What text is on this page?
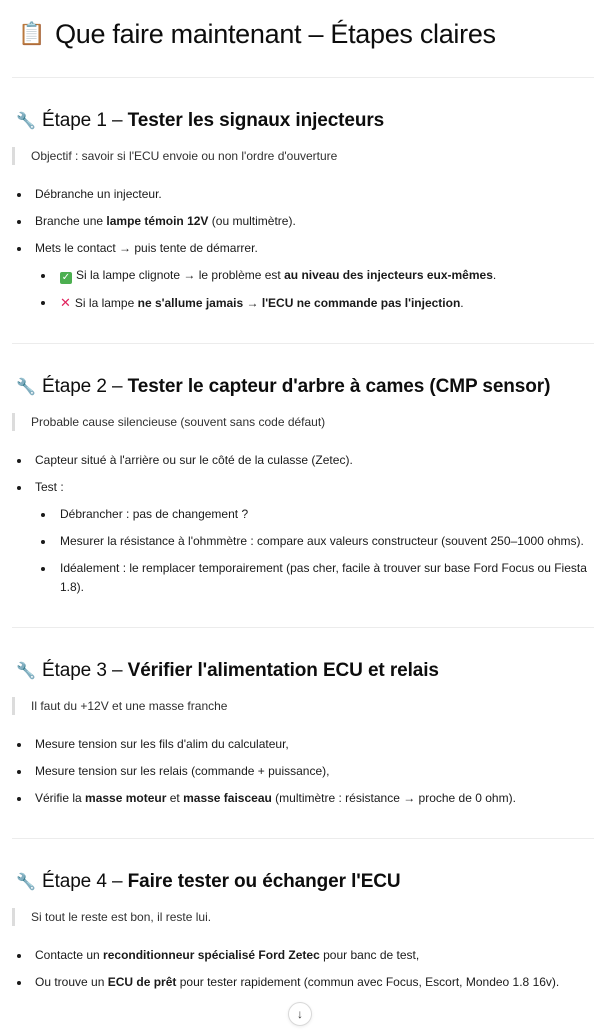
📋 Que faire maintenant – Étapes claires
🔧 Étape 1 – Tester les signaux injecteurs
Objectif : savoir si l'ECU envoie ou non l'ordre d'ouverture
Débranche un injecteur.
Branche une lampe témoin 12V (ou multimètre).
Mets le contact → puis tente de démarrer.
✓ Si la lampe clignote → le problème est au niveau des injecteurs eux-mêmes.
✕ Si la lampe ne s'allume jamais → l'ECU ne commande pas l'injection.
🔧 Étape 2 – Tester le capteur d'arbre à cames (CMP sensor)
Probable cause silencieuse (souvent sans code défaut)
Capteur situé à l'arrière ou sur le côté de la culasse (Zetec).
Test :
Débrancher : pas de changement ?
Mesurer la résistance à l'ohmmètre : compare aux valeurs constructeur (souvent 250–1000 ohms).
Idéalement : le remplacer temporairement (pas cher, facile à trouver sur base Ford Focus ou Fiesta 1.8).
🔧 Étape 3 – Vérifier l'alimentation ECU et relais
Il faut du +12V et une masse franche
Mesure tension sur les fils d'alim du calculateur,
Mesure tension sur les relais (commande + puissance),
Vérifie la masse moteur et masse faisceau (multimètre : résistance → proche de 0 ohm).
🔧 Étape 4 – Faire tester ou échanger l'ECU
Si tout le reste est bon, il reste lui.
Contacte un reconditionneur spécialisé Ford Zetec pour banc de test,
Ou trouve un ECU de prêt pour tester rapidement (commun avec Focus, Escort, Mondeo 1.8 16v).
↓
